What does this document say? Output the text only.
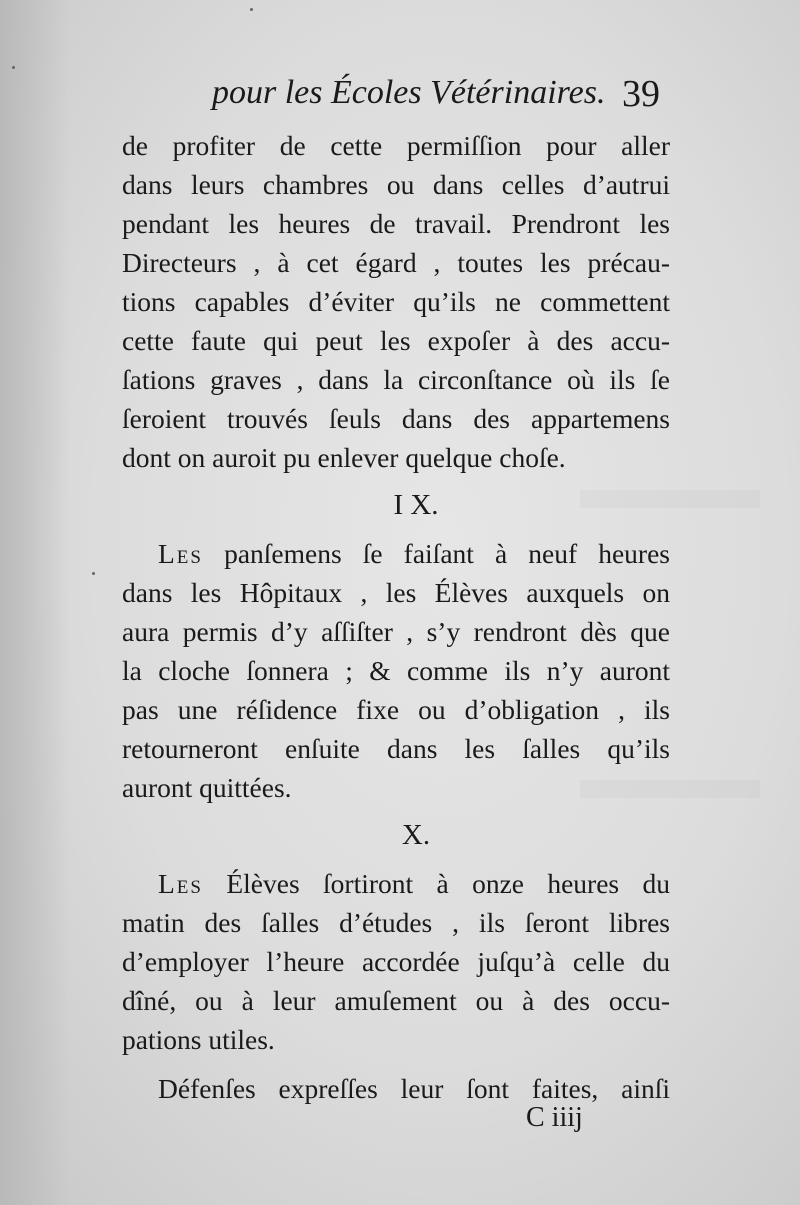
pour les Écoles Vétérinaires. 39
de profiter de cette permiſſion pour aller
dans leurs chambres ou dans celles d’autrui
pendant les heures de travail. Prendront les
Directeurs , à cet égard , toutes les précau-
tions capables d’éviter qu’ils ne commettent
cette faute qui peut les expoſer à des accu-
ſations graves , dans la circonſtance où ils ſe
ſeroient trouvés ſeuls dans des appartemens
dont on auroit pu enlever quelque choſe.
I X.
Les panſemens ſe faiſant à neuf heures
dans les Hôpitaux , les Élèves auxquels on
aura permis d’y aſſiſter , s’y rendront dès que
la cloche ſonnera ; & comme ils n’y auront
pas une réſidence fixe ou d’obligation , ils
retourneront enſuite dans les ſalles qu’ils
auront quittées.
X.
Les Élèves ſortiront à onze heures du
matin des ſalles d’études , ils ſeront libres
d’employer l’heure accordée juſqu’à celle du
dîné, ou à leur amuſement ou à des occu-
pations utiles.
Défenſes expreſſes leur ſont faites, ainſi
C iiij
